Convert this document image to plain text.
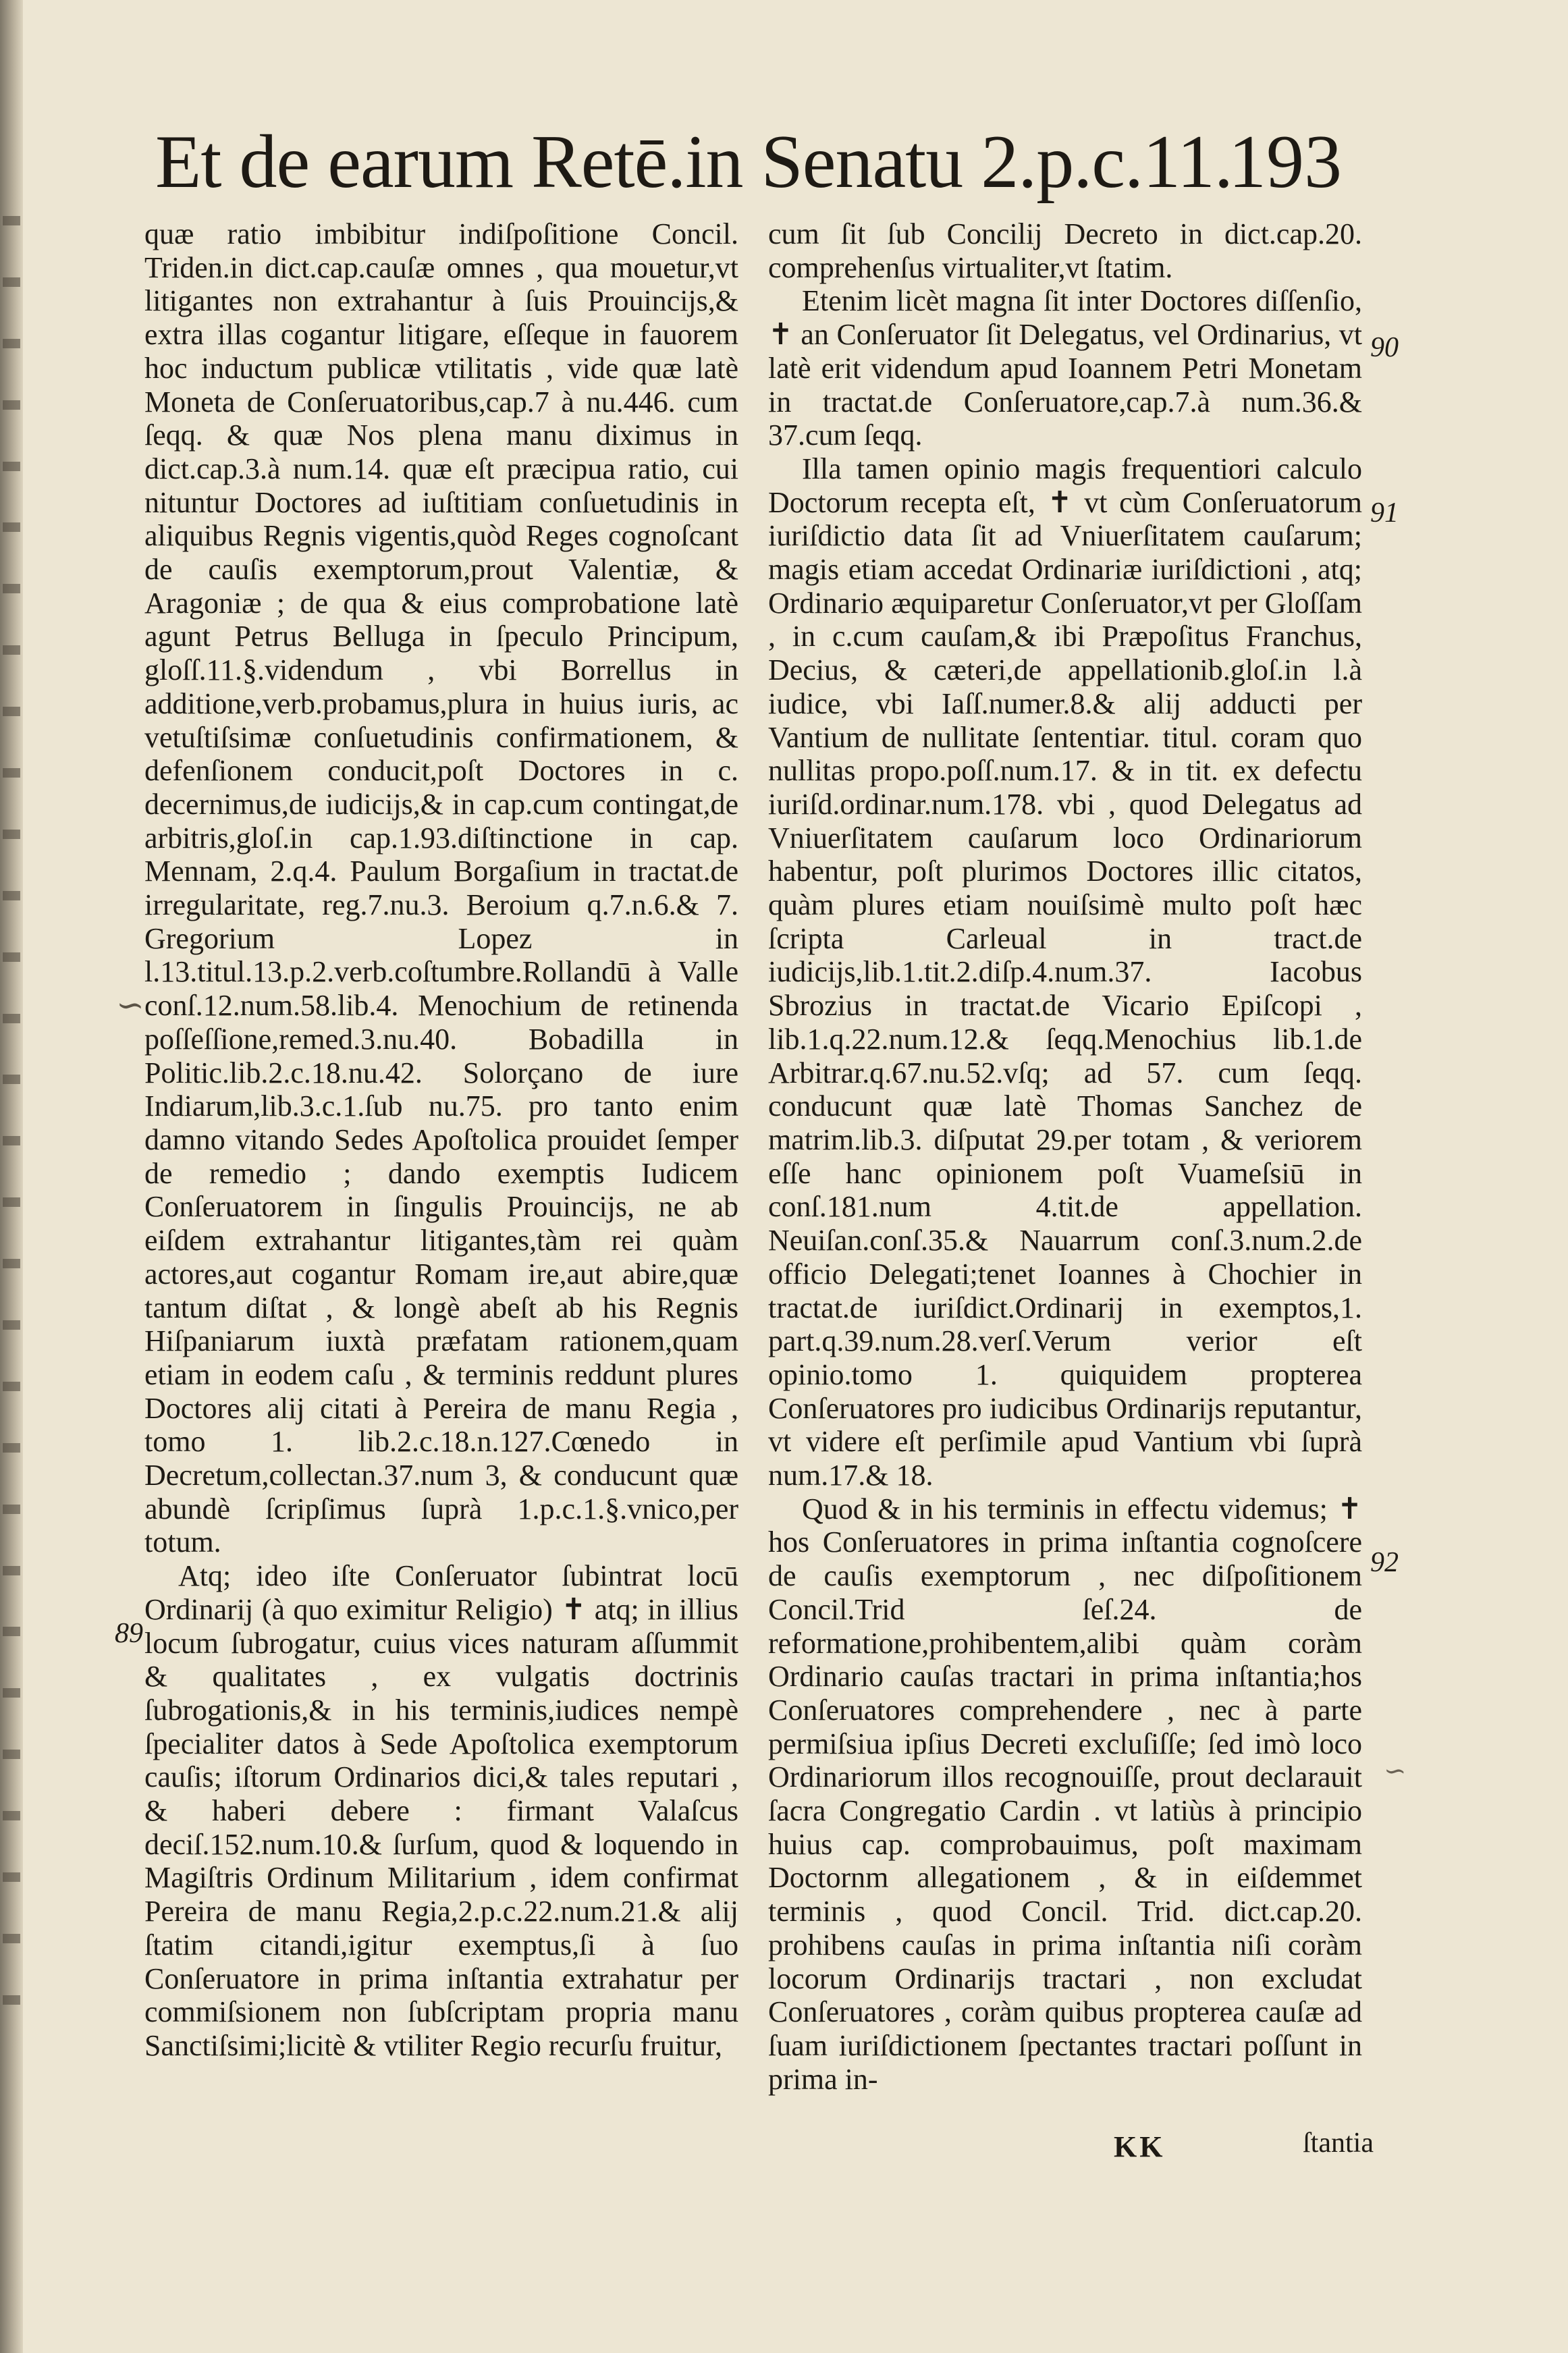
Et de earum Retē.in Senatu 2.p.c.11.
193

quæ ratio imbibitur indiſpoſitione Concil. Triden.in dict.cap.cauſæ omnes , qua mouetur,vt litigantes non extrahantur à ſuis Prouincijs,& extra illas cogantur litigare, eſſeque in fauorem hoc inductum publicæ vtilitatis , vide quæ latè Moneta de Conſeruatoribus,cap.7 à nu.446. cum ſeqq. & quæ Nos plena manu diximus in dict.cap.3.à num.14. quæ eſt præcipua ratio, cui nituntur Doctores ad iuſtitiam conſuetudinis in aliquibus Regnis vigentis,quòd Reges cognoſcant de cauſis exemptorum,prout Valentiæ, & Aragoniæ ; de qua & eius comprobatione latè agunt Petrus Belluga in ſpeculo Principum, gloſſ.11.§.videndum , vbi Borrellus in additione,verb.probamus,plura in huius iuris, ac vetuſtiſsimæ conſuetudinis confirmationem, & defenſionem conducit,poſt Doctores in c. decernimus,de iudicijs,& in cap.cum contingat,de arbitris,gloſ.in cap.1.93.diſtinctione in cap. Mennam, 2.q.4. Paulum Borgaſium in tractat.de irregularitate, reg.7.nu.3. Beroium q.7.n.6.& 7. Gregorium Lopez in l.13.titul.13.p.2.verb.coſtumbre.Rollandū à Valle conſ.12.num.58.lib.4. Menochium de retinenda poſſeſſione,remed.3.nu.40. Bobadilla in Politic.lib.2.c.18.nu.42. Solorçano de iure Indiarum,lib.3.c.1.ſub nu.75. pro tanto enim damno vitando Sedes Apoſtolica prouidet ſemper de remedio ; dando exemptis Iudicem Conſeruatorem in ſingulis Prouincijs, ne ab eiſdem extrahantur litigantes,tàm rei quàm actores,aut cogantur Romam ire,aut abire,quæ tantum diſtat , & longè abeſt ab his Regnis Hiſpaniarum iuxtà præfatam rationem,quam etiam in eodem caſu , & terminis reddunt plures Doctores alij citati à Pereira de manu Regia , tomo 1. lib.2.c.18.n.127.Cœnedo in Decretum,collectan.37.num 3, & conducunt quæ abundè ſcripſimus ſuprà 1.p.c.1.§.vnico,per totum.

Atq; ideo iſte Conſeruator ſubintrat locū Ordinarij (à quo eximitur Religio) ✝ atq; in illius locum ſubrogatur, cuius vices naturam aſſummit & qualitates , ex vulgatis doctrinis ſubrogationis,& in his terminis,iudices nempè ſpecialiter datos à Sede Apoſtolica exemptorum cauſis; iſtorum Ordinarios dici,& tales reputari , & haberi debere : firmant Valaſcus deciſ.152.num.10.& ſurſum, quod & loquendo in Magiſtris Ordinum Militarium , idem confirmat Pereira de manu Regia,2.p.c.22.num.21.& alij ſtatim citandi,igitur exemptus,ſi à ſuo Conſeruatore in prima inſtantia extrahatur per commiſsionem non ſubſcriptam propria manu Sanctiſsimi;licitè & vtiliter Regio recurſu fruitur,

cum ſit ſub Concilij Decreto in dict.cap.20. comprehenſus virtualiter,vt ſtatim.

Etenim licèt magna ſit inter Doctores diſſenſio, ✝ an Conſeruator ſit Delegatus, vel Ordinarius, vt latè erit videndum apud Ioannem Petri Monetam in tractat.de Conſeruatore,cap.7.à num.36.& 37.cum ſeqq.

Illa tamen opinio magis frequentiori calculo Doctorum recepta eſt, ✝ vt cùm Conſeruatorum iuriſdictio data ſit ad Vniuerſitatem cauſarum; magis etiam accedat Ordinariæ iuriſdictioni , atq; Ordinario æquiparetur Conſeruator,vt per Gloſſam , in c.cum cauſam,& ibi Præpoſitus Franchus, Decius, & cæteri,de appellationib.gloſ.in l.à iudice, vbi Iaſſ.numer.8.& alij adducti per Vantium de nullitate ſententiar. titul. coram quo nullitas propo.poſſ.num.17. & in tit. ex defectu iuriſd.ordinar.num.178. vbi , quod Delegatus ad Vniuerſitatem cauſarum loco Ordinariorum habentur, poſt plurimos Doctores illic citatos, quàm plures etiam nouiſsimè multo poſt hæc ſcripta Carleual in tract.de iudicijs,lib.1.tit.2.diſp.4.num.37. Iacobus Sbrozius in tractat.de Vicario Epiſcopi , lib.1.q.22.num.12.& ſeqq.Menochius lib.1.de Arbitrar.q.67.nu.52.vſq; ad 57. cum ſeqq. conducunt quæ latè Thomas Sanchez de matrim.lib.3. diſputat 29.per totam , & veriorem eſſe hanc opinionem poſt Vuameſsiū in conſ.181.num 4.tit.de appellation. Neuiſan.conſ.35.& Nauarrum conſ.3.num.2.de officio Delegati;tenet Ioannes à Chochier in tractat.de iuriſdict.Ordinarij in exemptos,1. part.q.39.num.28.verſ.Verum verior eſt opinio.tomo 1. quiquidem propterea Conſeruatores pro iudicibus Ordinarijs reputantur, vt videre eſt perſimile apud Vantium vbi ſuprà num.17.& 18.

Quod & in his terminis in effectu videmus; ✝ hos Conſeruatores in prima inſtantia cognoſcere de cauſis exemptorum , nec diſpoſitionem Concil.Trid ſeſ.24. de reformatione,prohibentem,alibi quàm coràm Ordinario cauſas tractari in prima inſtantia;hos Conſeruatores comprehendere , nec à parte permiſsiua ipſius Decreti excluſiſſe; ſed imò loco Ordinariorum illos recognouiſſe, prout declarauit ſacra Congregatio Cardin . vt latiùs à principio huius cap. comprobauimus, poſt maximam Doctornm allegationem , & in eiſdemmet terminis , quod Concil. Trid. dict.cap.20. prohibens cauſas in prima inſtantia niſi coràm locorum Ordinarijs tractari , non excludat Conſeruatores , coràm quibus propterea cauſæ ad ſuam iuriſdictionem ſpectantes tractari poſſunt in prima in-

89
90
91
92
KK	ſtantia
∽
∽
